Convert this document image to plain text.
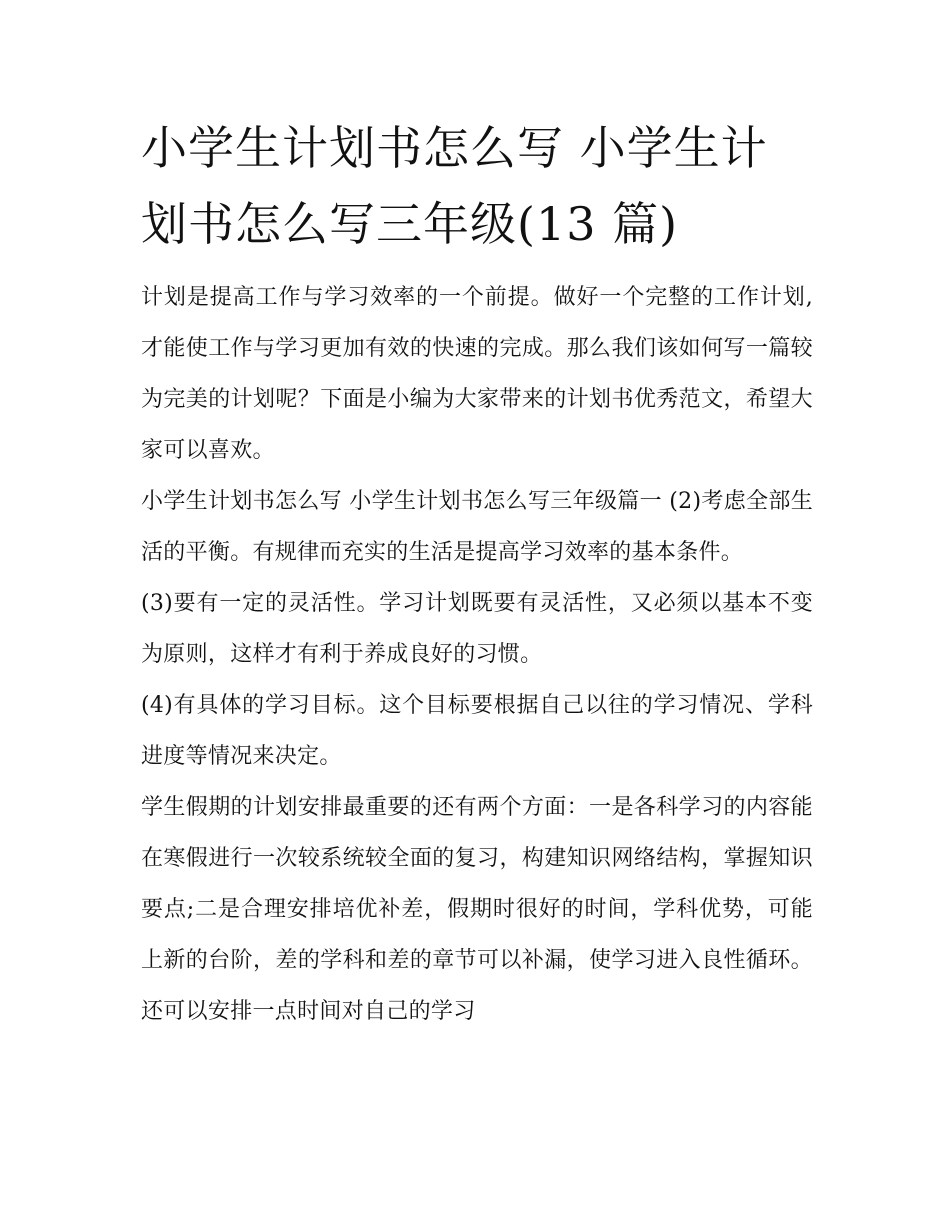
小学生计划书怎么写 小学生计划书怎么写三年级(13 篇)

计划是提高工作与学习效率的一个前提。做好一个完整的工作计划,才能使工作与学习更加有效的快速的完成。那么我们该如何写一篇较为完美的计划呢？下面是小编为大家带来的计划书优秀范文，希望大家可以喜欢。

小学生计划书怎么写 小学生计划书怎么写三年级篇一 (2)考虑全部生活的平衡。有规律而充实的生活是提高学习效率的基本条件。

(3)要有一定的灵活性。学习计划既要有灵活性，又必须以基本不变为原则，这样才有利于养成良好的习惯。

(4)有具体的学习目标。这个目标要根据自己以往的学习情况、学科进度等情况来决定。

学生假期的计划安排最重要的还有两个方面：一是各科学习的内容能在寒假进行一次较系统较全面的复习，构建知识网络结构，掌握知识要点;二是合理安排培优补差，假期时很好的时间，学科优势，可能上新的台阶，差的学科和差的章节可以补漏，使学习进入良性循环。还可以安排一点时间对自己的学习
